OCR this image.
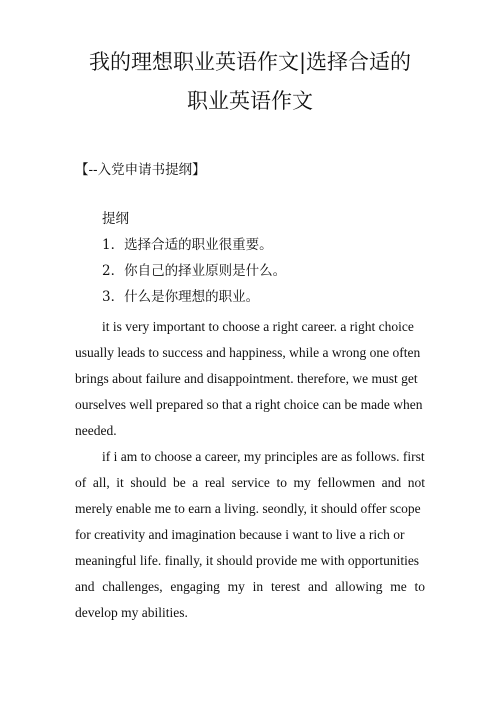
我的理想职业英语作文|选择合适的
职业英语作文
【--入党申请书提纲】
提纲
1．选择合适的职业很重要。
2．你自己的择业原则是什么。
3．什么是你理想的职业。
it is very important to choose a right career. a right choice
usually leads to success and happiness, while a wrong one often
brings about failure and disappointment. therefore, we must get
ourselves well prepared so that a right choice can be made when
needed.
if i am to choose a career, my principles are as follows. first
of all, it should be a real service to my fellowmen and not
merely enable me to earn a living. seondly, it should offer scope
for creativity and imagination because i want to live a rich or
meaningful life. finally, it should provide me with opportunities
and challenges, engaging my in terest and allowing me to
develop my abilities.
